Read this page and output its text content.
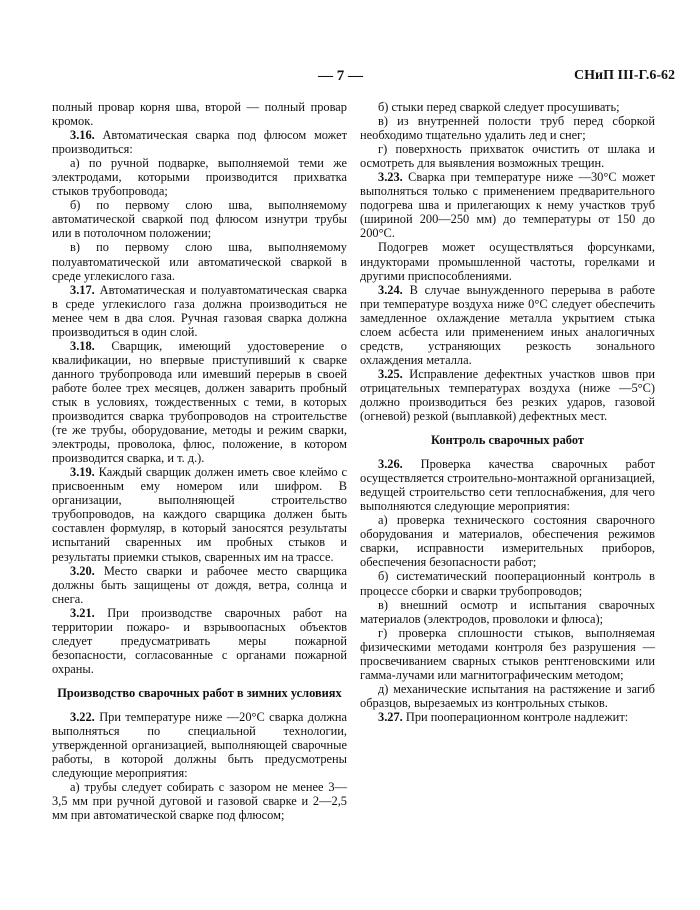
— 7 —	СНиП III-Г.6-62

полный провар корня шва, второй — полный провар кромок.

3.16. Автоматическая сварка под флюсом может производиться:

а) по ручной подварке, выполняемой теми же электродами, которыми производится прихватка стыков трубопровода;

б) по первому слою шва, выполняемому автоматической сваркой под флюсом изнутри трубы или в потолочном положении;

в) по первому слою шва, выполняемому полуавтоматической или автоматической сваркой в среде углекислого газа.

3.17. Автоматическая и полуавтоматическая сварка в среде углекислого газа должна производиться не менее чем в два слоя. Ручная газовая сварка должна производиться в один слой.

3.18. Сварщик, имеющий удостоверение о квалификации, но впервые приступивший к сварке данного трубопровода или имевший перерыв в своей работе более трех месяцев, должен заварить пробный стык в условиях, тождественных с теми, в которых производится сварка трубопроводов на строительстве (те же трубы, оборудование, методы и режим сварки, электроды, проволока, флюс, положение, в котором производится сварка, и т. д.).

3.19. Каждый сварщик должен иметь свое клеймо с присвоенным ему номером или шифром. В организации, выполняющей строительство трубопроводов, на каждого сварщика должен быть составлен формуляр, в который заносятся результаты испытаний сваренных им пробных стыков и результаты приемки стыков, сваренных им на трассе.

3.20. Место сварки и рабочее место сварщика должны быть защищены от дождя, ветра, солнца и снега.

3.21. При производстве сварочных работ на территории пожаро- и взрывоопасных объектов следует предусматривать меры пожарной безопасности, согласованные с органами пожарной охраны.

Производство сварочных работ в зимних условиях

3.22. При температуре ниже —20°С сварка должна выполняться по специальной технологии, утвержденной организацией, выполняющей сварочные работы, в которой должны быть предусмотрены следующие мероприятия:

а) трубы следует собирать с зазором не менее 3—3,5 мм при ручной дуговой и газовой сварке и 2—2,5 мм при автоматической сварке под флюсом;

б) стыки перед сваркой следует просушивать;

в) из внутренней полости труб перед сборкой необходимо тщательно удалить лед и снег;

г) поверхность прихваток очистить от шлака и осмотреть для выявления возможных трещин.

3.23. Сварка при температуре ниже —30°С может выполняться только с применением предварительного подогрева шва и прилегающих к нему участков труб (шириной 200—250 мм) до температуры от 150 до 200°С.

Подогрев может осуществляться форсунками, индукторами промышленной частоты, горелками и другими приспособлениями.

3.24. В случае вынужденного перерыва в работе при температуре воздуха ниже 0°С следует обеспечить замедленное охлаждение металла укрытием стыка слоем асбеста или применением иных аналогичных средств, устраняющих резкость зонального охлаждения металла.

3.25. Исправление дефектных участков швов при отрицательных температурах воздуха (ниже —5°С) должно производиться без резких ударов, газовой (огневой) резкой (выплавкой) дефектных мест.

Контроль сварочных работ

3.26. Проверка качества сварочных работ осуществляется строительно-монтажной организацией, ведущей строительство сети теплоснабжения, для чего выполняются следующие мероприятия:

а) проверка технического состояния сварочного оборудования и материалов, обеспечения режимов сварки, исправности измерительных приборов, обеспечения безопасности работ;

б) систематический пооперационный контроль в процессе сборки и сварки трубопроводов;

в) внешний осмотр и испытания сварочных материалов (электродов, проволоки и флюса);

г) проверка сплошности стыков, выполняемая физическими методами контроля без разрушения — просвечиванием сварных стыков рентгеновскими или гамма-лучами или магнитографическим методом;

д) механические испытания на растяжение и загиб образцов, вырезаемых из контрольных стыков.

3.27. При пооперационном контроле надлежит:
